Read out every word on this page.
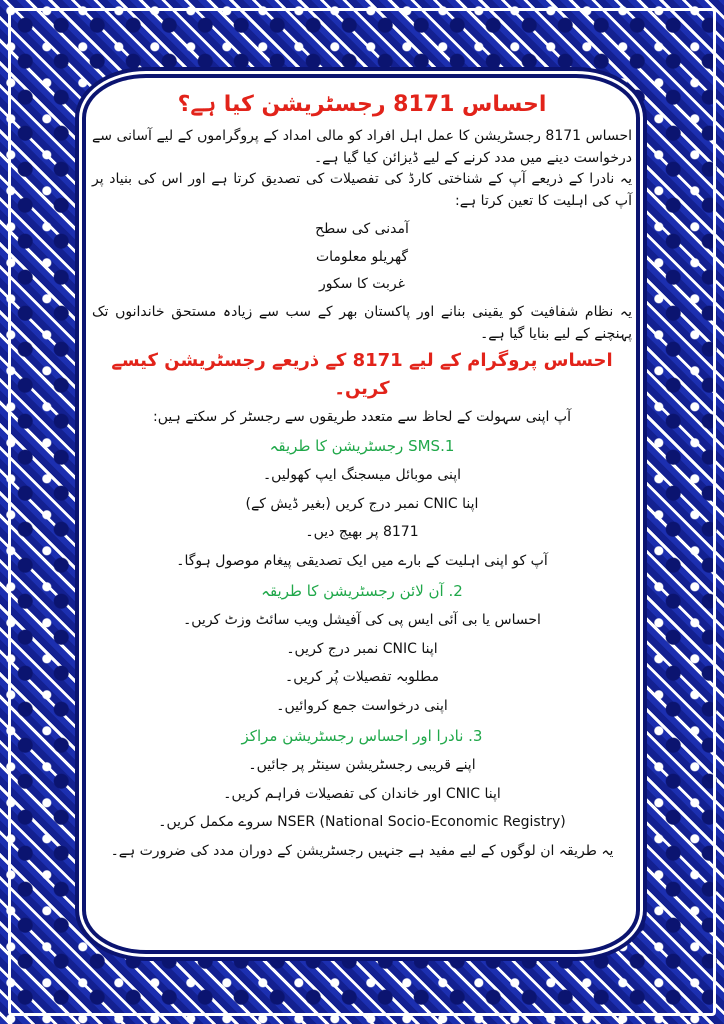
احساس 8171 رجسٹریشن کیا ہے؟

احساس 8171 رجسٹریشن کا عمل اہل افراد کو مالی امداد کے پروگراموں کے لیے آسانی سے درخواست دینے میں مدد کرنے کے لیے ڈیزائن کیا گیا ہے۔

یہ نادرا کے ذریعے آپ کے شناختی کارڈ کی تفصیلات کی تصدیق کرتا ہے اور اس کی بنیاد پر آپ کی اہلیت کا تعین کرتا ہے:

آمدنی کی سطح

گھریلو معلومات

غربت کا سکور

یہ نظام شفافیت کو یقینی بنانے اور پاکستان بھر کے سب سے زیادہ مستحق خاندانوں تک پہنچنے کے لیے بنایا گیا ہے۔

احساس پروگرام کے لیے 8171 کے ذریعے رجسٹریشن کیسے کریں۔

آپ اپنی سہولت کے لحاظ سے متعدد طریقوں سے رجسٹر کر سکتے ہیں:

SMS.1 رجسٹریشن کا طریقہ

اپنی موبائل میسجنگ ایپ کھولیں۔

اپنا CNIC نمبر درج کریں (بغیر ڈیش کے)

8171 پر بھیج دیں۔

آپ کو اپنی اہلیت کے بارے میں ایک تصدیقی پیغام موصول ہوگا۔

2. آن لائن رجسٹریشن کا طریقہ

احساس یا بی آئی ایس پی کی آفیشل ویب سائٹ وزٹ کریں۔

اپنا CNIC نمبر درج کریں۔

مطلوبہ تفصیلات پُر کریں۔

اپنی درخواست جمع کروائیں۔

3. نادرا اور احساس رجسٹریشن مراکز

اپنے قریبی رجسٹریشن سینٹر پر جائیں۔

اپنا CNIC اور خاندان کی تفصیلات فراہم کریں۔

NSER (National Socio-Economic Registry) سروے مکمل کریں۔

یہ طریقہ ان لوگوں کے لیے مفید ہے جنہیں رجسٹریشن کے دوران مدد کی ضرورت ہے۔
